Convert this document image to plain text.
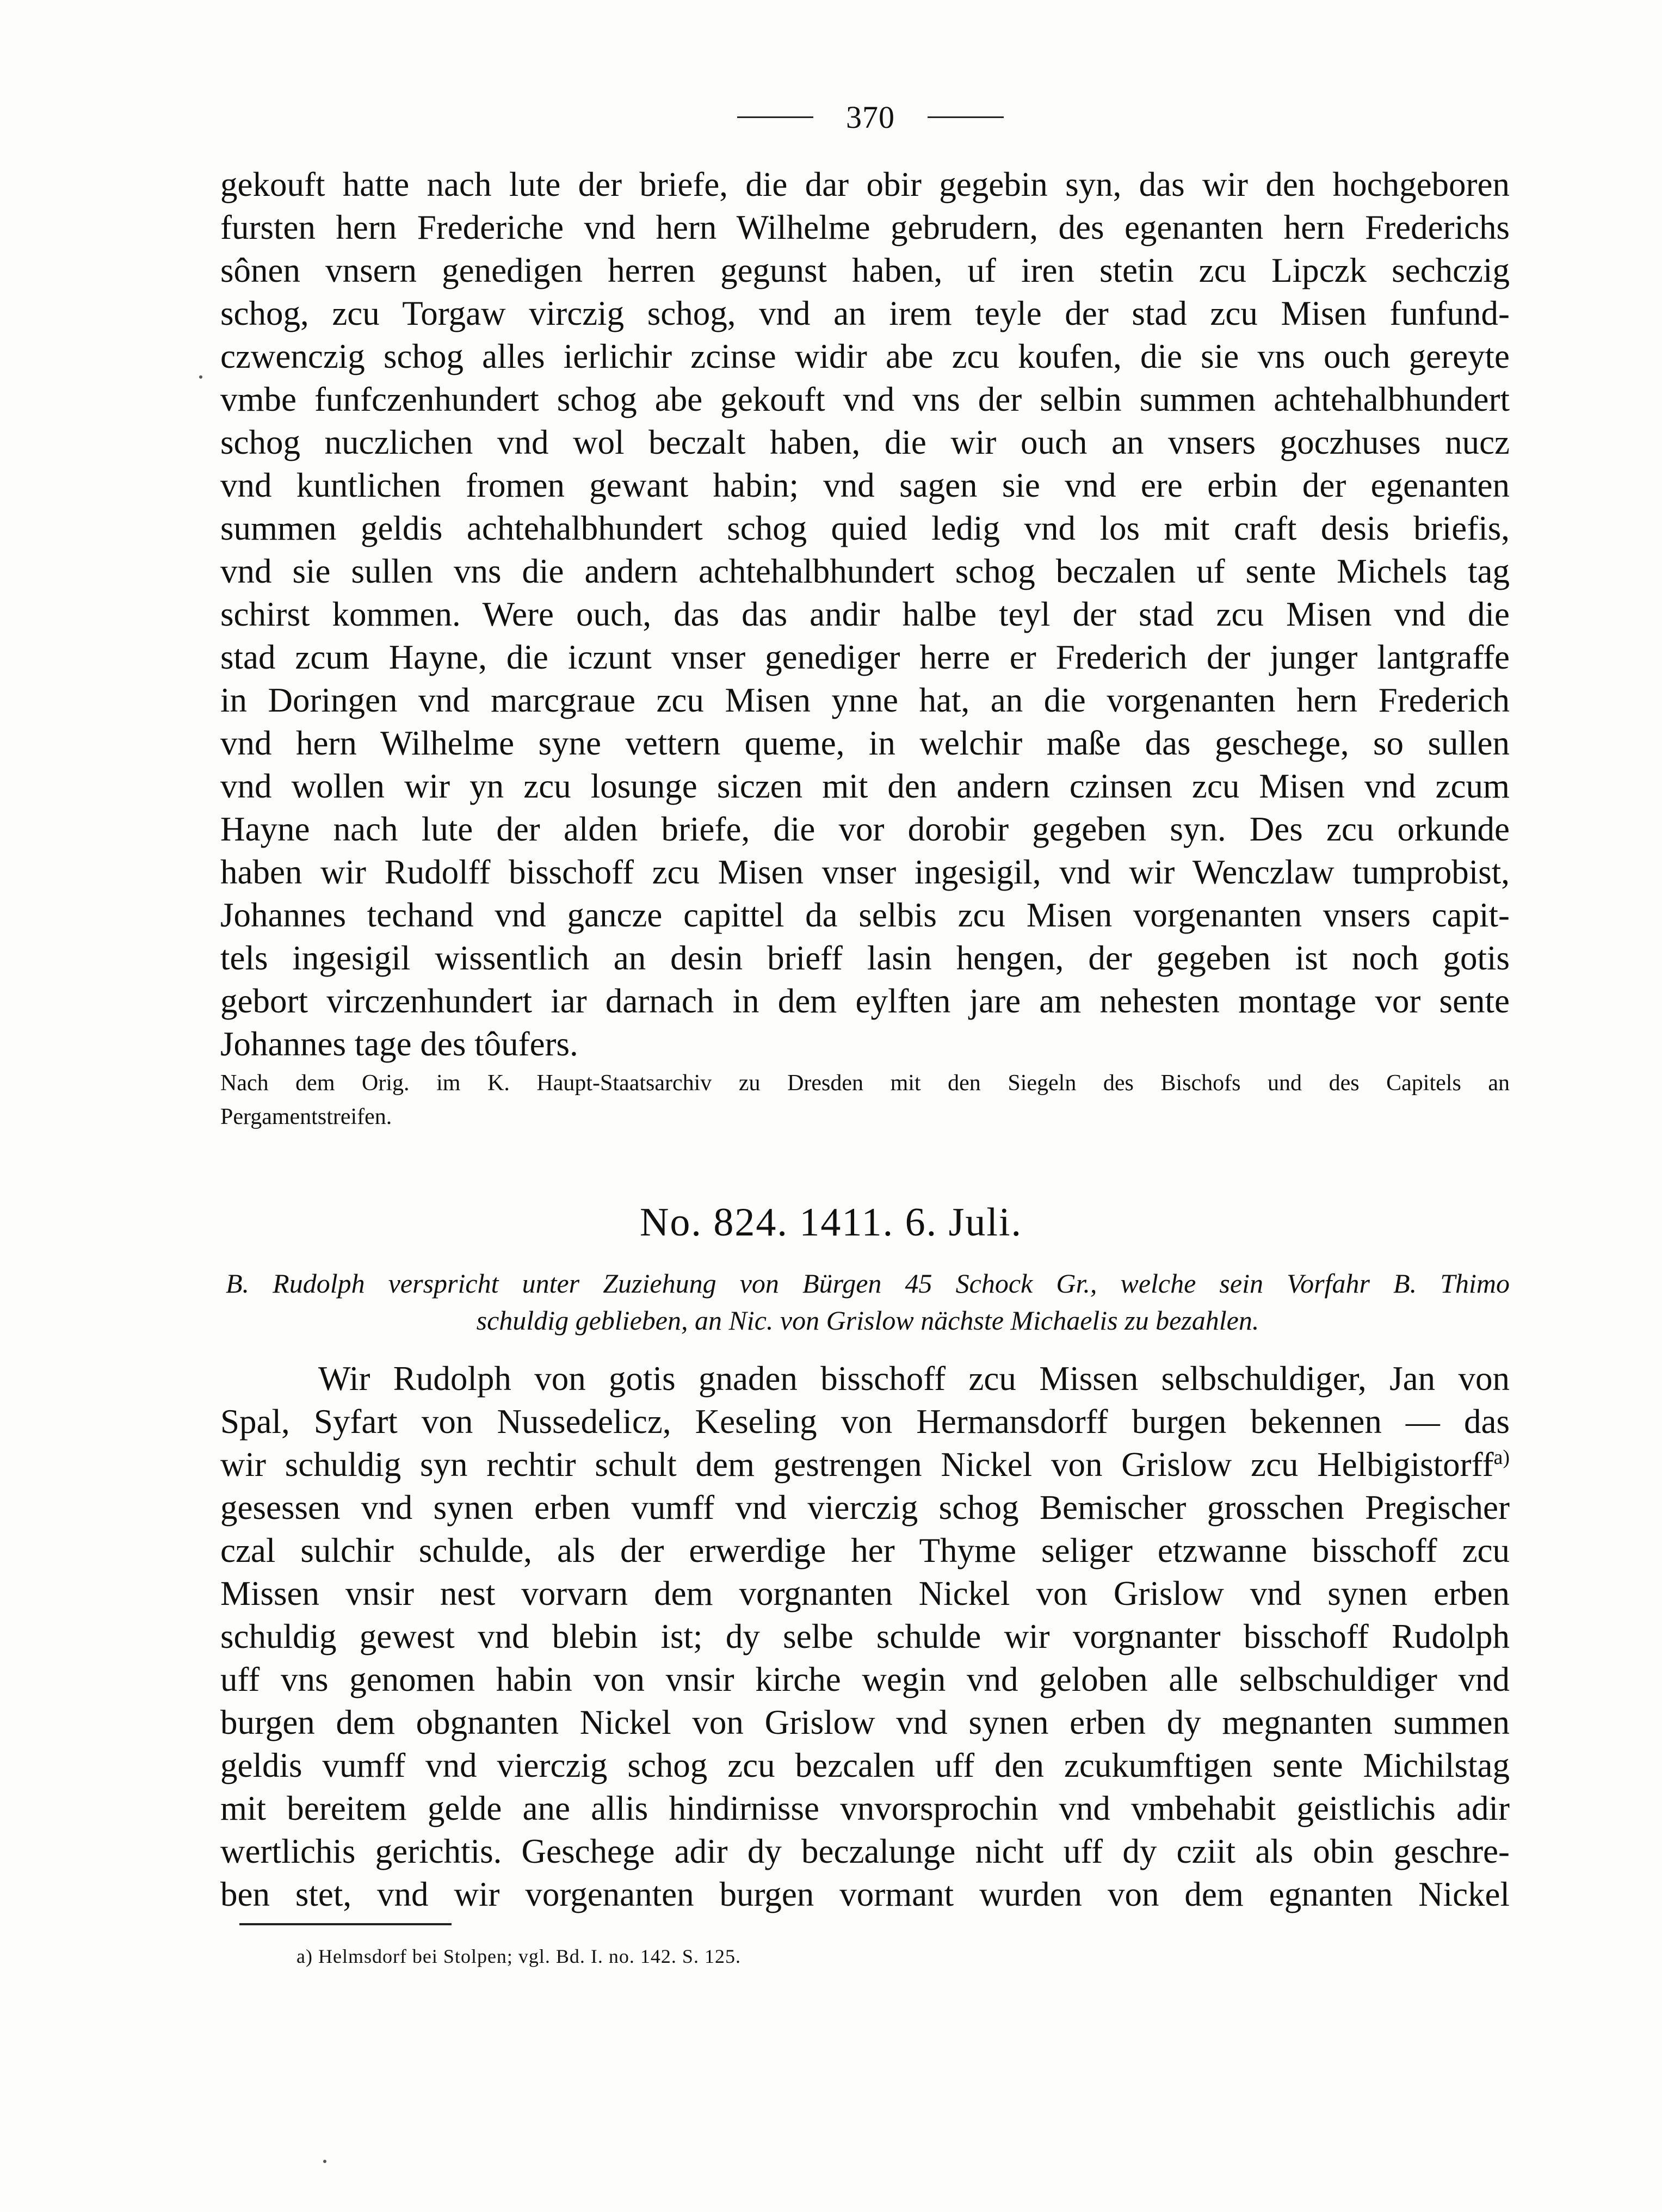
370
gekouft hatte nach lute der briefe, die dar obir gegebin syn, das wir den hochgeboren
fursten hern Frederiche vnd hern Wilhelme gebrudern, des egenanten hern Frederichs
sônen vnsern genedigen herren gegunst haben, uf iren stetin zcu Lipczk sechczig
schog, zcu Torgaw virczig schog, vnd an irem teyle der stad zcu Misen funfund-
czwenczig schog alles ierlichir zcinse widir abe zcu koufen, die sie vns ouch gereyte
vmbe funfczenhundert schog abe gekouft vnd vns der selbin summen achtehalbhundert
schog nuczlichen vnd wol beczalt haben, die wir ouch an vnsers goczhuses nucz
vnd kuntlichen fromen gewant habin; vnd sagen sie vnd ere erbin der egenanten
summen geldis achtehalbhundert schog quied ledig vnd los mit craft desis briefis,
vnd sie sullen vns die andern achtehalbhundert schog beczalen uf sente Michels tag
schirst kommen. Were ouch, das das andir halbe teyl der stad zcu Misen vnd die
stad zcum Hayne, die iczunt vnser genediger herre er Frederich der junger lantgraffe
in Doringen vnd marcgraue zcu Misen ynne hat, an die vorgenanten hern Frederich
vnd hern Wilhelme syne vettern queme, in welchir maße das geschege, so sullen
vnd wollen wir yn zcu losunge siczen mit den andern czinsen zcu Misen vnd zcum
Hayne nach lute der alden briefe, die vor dorobir gegeben syn. Des zcu orkunde
haben wir Rudolff bisschoff zcu Misen vnser ingesigil, vnd wir Wenczlaw tumprobist,
Johannes techand vnd gancze capittel da selbis zcu Misen vorgenanten vnsers capit-
tels ingesigil wissentlich an desin brieff lasin hengen, der gegeben ist noch gotis
gebort virczenhundert iar darnach in dem eylften jare am nehesten montage vor sente
Johannes tage des tôufers.
Nach dem Orig. im K. Haupt-Staatsarchiv zu Dresden mit den Siegeln des Bischofs und des Capitels an
Pergamentstreifen.
No. 824. 1411. 6. Juli.
B. Rudolph verspricht unter Zuziehung von Bürgen 45 Schock Gr., welche sein Vorfahr B. Thimo
schuldig geblieben, an Nic. von Grislow nächste Michaelis zu bezahlen.
Wir Rudolph von gotis gnaden bisschoff zcu Missen selbschuldiger, Jan von
Spal, Syfart von Nussedelicz, Keseling von Hermansdorff burgen bekennen — das
wir schuldig syn rechtir schult dem gestrengen Nickel von Grislow zcu Helbigistorff$^{a)}$
gesessen vnd synen erben vumff vnd vierczig schog Bemischer grosschen Pregischer
czal sulchir schulde, als der erwerdige her Thyme seliger etzwanne bisschoff zcu
Missen vnsir nest vorvarn dem vorgnanten Nickel von Grislow vnd synen erben
schuldig gewest vnd blebin ist; dy selbe schulde wir vorgnanter bisschoff Rudolph
uff vns genomen habin von vnsir kirche wegin vnd geloben alle selbschuldiger vnd
burgen dem obgnanten Nickel von Grislow vnd synen erben dy megnanten summen
geldis vumff vnd vierczig schog zcu bezcalen uff den zcukumftigen sente Michilstag
mit bereitem gelde ane allis hindirnisse vnvorsprochin vnd vmbehabit geistlichis adir
wertlichis gerichtis. Geschege adir dy beczalunge nicht uff dy cziit als obin geschre-
ben stet, vnd wir vorgenanten burgen vormant wurden von dem egnanten Nickel
a) Helmsdorf bei Stolpen; vgl. Bd. I. no. 142. S. 125.
